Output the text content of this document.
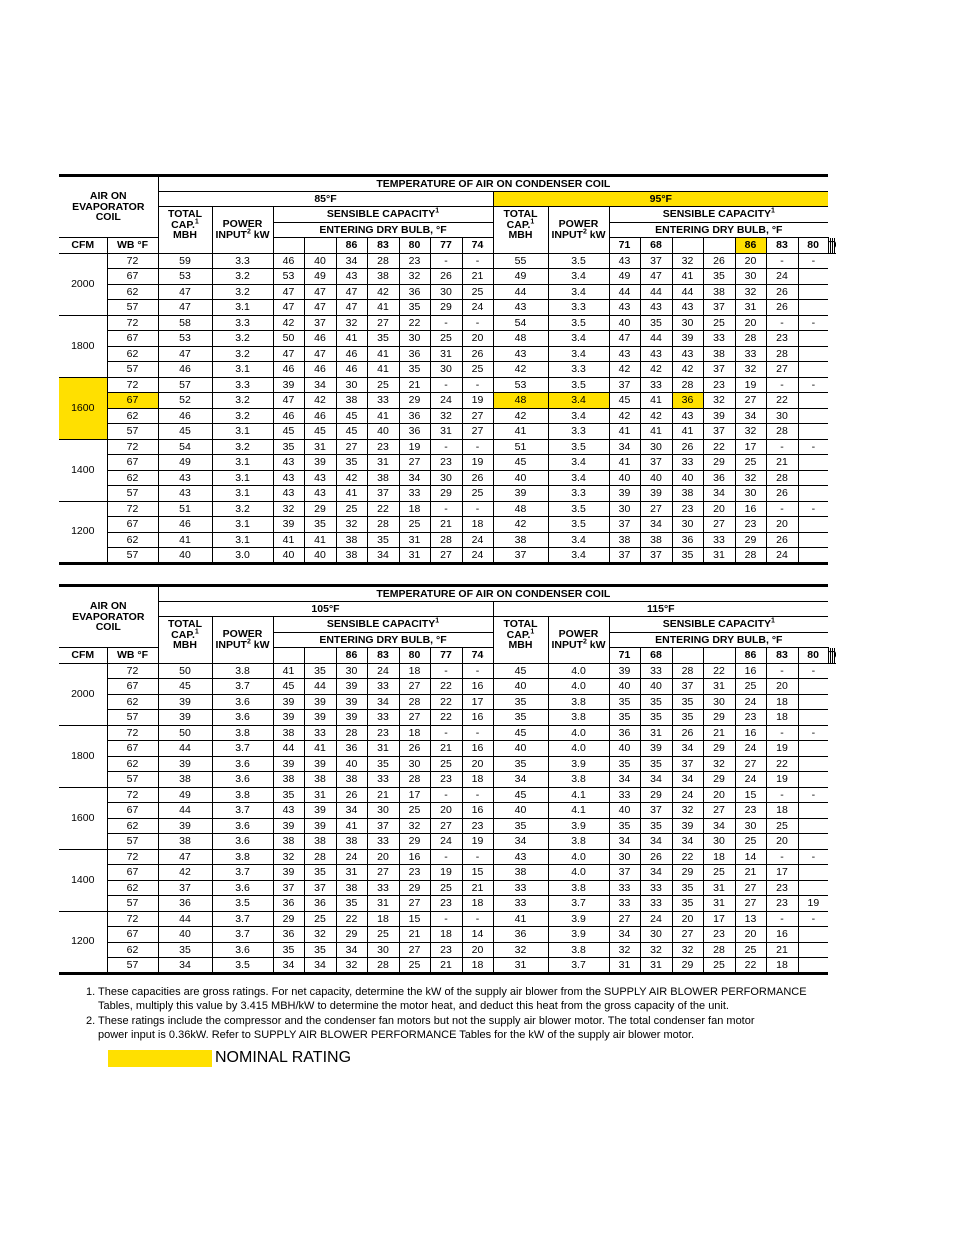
AIR ON
EVAPORATOR
COIL		TEMPERATURE OF AIR ON CONDENSER COIL																					
		85°F									95°F												
		TOTAL
CAP.$^1$
MBH	POWER
INPUT$^2$ kW	SENSIBLE CAPACITY$^1$							TOTAL
CAP.$^1$
MBH	POWER
INPUT$^2$ kW	SENSIBLE CAPACITY$^1$
				ENTERING DRY BULB, °F									ENTERING DRY BULB, °F										
CFM	WB °F					86	83	80	77	74			71	68			86	83	80				
2000	72	59	3.3	46	40	34	28	23	-	-	55	3.5	43	37	32	26	20	-	-				
	67	53	3.2	53	49	43	38	32	26	21	49	3.4	49	47	41	35	30	24					
	62	47	3.2	47	47	47	42	36	30	25	44	3.4	44	44	44	38	32	26					
	57	47	3.1	47	47	47	41	35	29	24	43	3.3	43	43	43	37	31	26					
1800	72	58	3.3	42	37	32	27	22	-	-	54	3.5	40	35	30	25	20	-	-				
	67	53	3.2	50	46	41	35	30	25	20	48	3.4	47	44	39	33	28	23					
	62	47	3.2	47	47	46	41	36	31	26	43	3.4	43	43	43	38	33	28					
	57	46	3.1	46	46	46	41	35	30	25	42	3.3	42	42	42	37	32	27					
1600	72	57	3.3	39	34	30	25	21	-	-	53	3.5	37	33	28	23	19	-	-				
	67	52	3.2	47	42	38	33	29	24	19	48	3.4	45	41	36	32	27	22					
	62	46	3.2	46	46	45	41	36	32	27	42	3.4	42	42	43	39	34	30					
	57	45	3.1	45	45	45	40	36	31	27	41	3.3	41	41	41	37	32	28					
1400	72	54	3.2	35	31	27	23	19	-	-	51	3.5	34	30	26	22	17	-	-				
	67	49	3.1	43	39	35	31	27	23	19	45	3.4	41	37	33	29	25	21					
	62	43	3.1	43	43	42	38	34	30	26	40	3.4	40	40	40	36	32	28					
	57	43	3.1	43	43	41	37	33	29	25	39	3.3	39	39	38	34	30	26					
1200	72	51	3.2	32	29	25	22	18	-	-	48	3.5	30	27	23	20	16	-	-				
	67	46	3.1	39	35	32	28	25	21	18	42	3.5	37	34	30	27	23	20					
	62	41	3.1	41	41	38	35	31	28	24	38	3.4	38	38	36	33	29	26					
	57	40	3.0	40	40	38	34	31	27	24	37	3.4	37	37	35	31	28	24					
AIR ON
EVAPORATOR
COIL		TEMPERATURE OF AIR ON CONDENSER COIL																					
		105°F									115°F												
		TOTAL
CAP.$^1$
MBH	POWER
INPUT$^2$ kW	SENSIBLE CAPACITY$^1$							TOTAL
CAP.$^1$
MBH	POWER
INPUT$^2$ kW	SENSIBLE CAPACITY$^1$
				ENTERING DRY BULB, °F									ENTERING DRY BULB, °F										
CFM	WB °F					86	83	80	77	74			71	68			86	83	80				
2000	72	50	3.8	41	35	30	24	18	-	-	45	4.0	39	33	28	22	16	-	-				
	67	45	3.7	45	44	39	33	27	22	16	40	4.0	40	40	37	31	25	20					
	62	39	3.6	39	39	39	34	28	22	17	35	3.8	35	35	35	30	24	18					
	57	39	3.6	39	39	39	33	27	22	16	35	3.8	35	35	35	29	23	18					
1800	72	50	3.8	38	33	28	23	18	-	-	45	4.0	36	31	26	21	16	-	-				
	67	44	3.7	44	41	36	31	26	21	16	40	4.0	40	39	34	29	24	19					
	62	39	3.6	39	39	40	35	30	25	20	35	3.9	35	35	37	32	27	22					
	57	38	3.6	38	38	38	33	28	23	18	34	3.8	34	34	34	29	24	19					
1600	72	49	3.8	35	31	26	21	17	-	-	45	4.1	33	29	24	20	15	-	-				
	67	44	3.7	43	39	34	30	25	20	16	40	4.1	40	37	32	27	23	18					
	62	39	3.6	39	39	41	37	32	27	23	35	3.9	35	35	39	34	30	25					
	57	38	3.6	38	38	38	33	29	24	19	34	3.8	34	34	34	30	25	20					
1400	72	47	3.8	32	28	24	20	16	-	-	43	4.0	30	26	22	18	14	-	-				
	67	42	3.7	39	35	31	27	23	19	15	38	4.0	37	34	29	25	21	17					
	62	37	3.6	37	37	38	33	29	25	21	33	3.8	33	33	35	31	27	23					
	57	36	3.5	36	36	35	31	27	23	18	33	3.7	33	33	35	31	27	23	19				
1200	72	44	3.7	29	25	22	18	15	-	-	41	3.9	27	24	20	17	13	-	-				
	67	40	3.7	36	32	29	25	21	18	14	36	3.9	34	30	27	23	20	16					
	62	35	3.6	35	35	34	30	27	23	20	32	3.8	32	32	32	28	25	21					
	57	34	3.5	34	34	32	28	25	21	18	31	3.7	31	31	29	25	22	18					
1. These capacities are gross ratings. For net capacity, determine the kW of the supply air blower from the SUPPLY AIR BLOWER PERFORMANCE
Tables, multiply this value by 3.415 MBH/kW to determine the motor heat, and deduct this heat from the gross capacity of the unit.
2. These ratings include the compressor and the condenser fan motors but not the supply air blower motor. The total condenser fan motor
power input is 0.36kW. Refer to SUPPLY AIR BLOWER PERFORMANCE Tables for the kW of the supply air blower motor.
NOMINAL RATING
